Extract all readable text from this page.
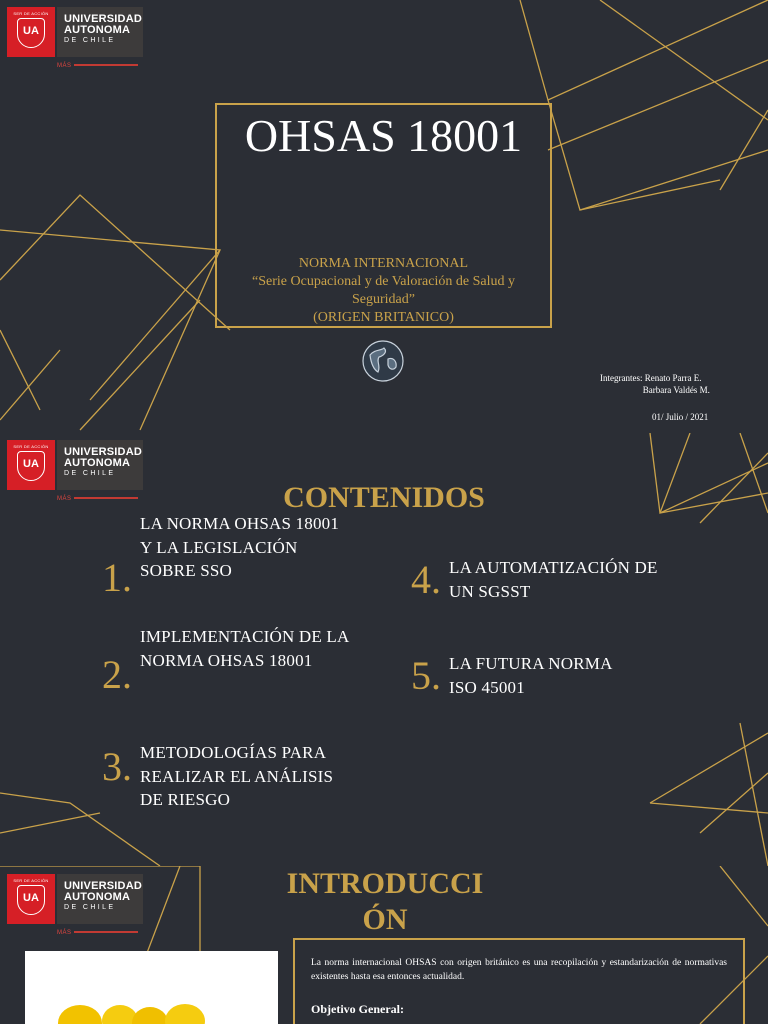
SER DE ACCIÓN
UA
UNIVERSIDAD
AUTONOMA
DE CHILE
MÁS
OHSAS 18001
NORMA INTERNACIONAL
“Serie Ocupacional y de Valoración de Salud y Seguridad”
(ORIGEN BRITANICO)
Integrantes: Renato Parra E.
Barbara Valdés M.
01/ Julio / 2021
SER DE ACCIÓN
UA
UNIVERSIDAD
AUTONOMA
DE CHILE
MÁS	CONTENIDOS
1.
LA NORMA OHSAS 18001 Y LA LEGISLACIÓN SOBRE SSO
2.
IMPLEMENTACIÓN DE LA NORMA OHSAS 18001
3. METODOLOGÍAS PARA REALIZAR EL ANÁLISIS DE RIESGO
4. LA AUTOMATIZACIÓN DE UN SGSST
5. LA FUTURA NORMA ISO 45001
SER DE ACCIÓN
UA
UNIVERSIDAD
AUTONOMA
DE CHILE
MÁS
INTRODUCCI
ÓN
La norma internacional OHSAS con origen británico es una recopilación y estandarización de normativas existentes hasta esa entonces actualidad.
Objetivo General:
